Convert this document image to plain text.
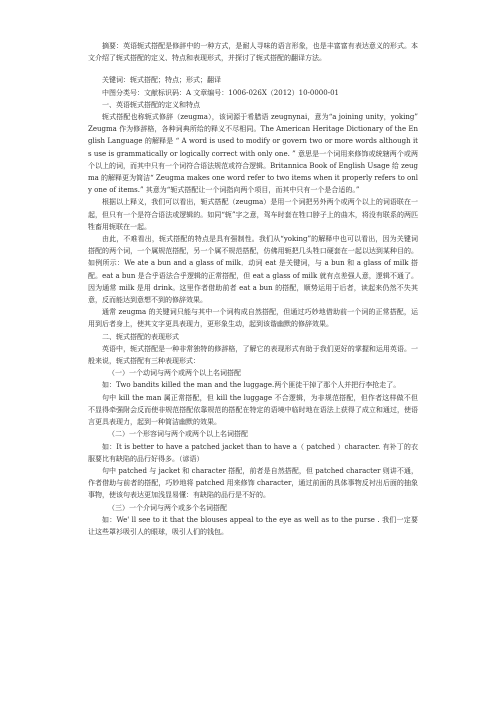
摘要：英语轭式搭配是修辞中的一种方式，是耐人寻味的语言形象，也是丰富富有表达意义的形式。本文介绍了轭式搭配的定义、特点和表现形式，并探讨了轭式搭配的翻译方法。

关键词：轭式搭配；特点；形式；翻译

中图分类号：文献标识码：A 文章编号：1006-026X（2012）10-0000-01

一、英语轭式搭配的定义和特点

轭式搭配也称轭式修辞（zeugma），该词源于希腊语 zeugnynai，意为“a joining unity，yoking” Zeugma 作为修辞格，各种词典所给的释义不尽相同。The American Heritage Dictionary of the English Language 的解释是 “ A word is used to modify or govern two or more words although its use is grammatically or logically correct with only one. ” 意思是一个词用来修饰或统辖两个或两个以上的词，而其中只有一个词符合语法规范或符合逻辑。Britannica Book of English Usage 给 zeugma 的解释更为简洁“ Zeugma makes one word refer to two items when it properly refers to only one of items.” 其意为“轭式搭配让一个词指向两个项目，而其中只有一个是合适的。”

根据以上释义，我们可以看出，轭式搭配（zeugma）是用一个词把另外两个或两个以上的词语联在一起，但只有一个是符合语法或逻辑的。如同“轭”字之意，驾车时套在牲口脖子上的曲木，将没有联系的两匹牲畜用轭联在一起。

由此，不难看出，轭式搭配的特点是具有强制性。我们从“yoking”的解释中也可以看出，因为关键词搭配的两个词，一个属规范搭配，另一个属不规范搭配，仿佛用轭把几头牲口硬套在一起以达到某种目的。如例所示：We ate a bun and a glass of milk．动词 eat 是关键词，与 a bun 和 a glass of milk 搭配。eat a bun 是合乎语法合乎逻辑的正常搭配，但 eat a glass of milk 就有点差强人意，逻辑不通了。因为通常 milk 是用 drink。这里作者借助前者 eat a bun 的搭配，顺势运用于后者，读起来仍然不失其意，反而能达到意想不到的修辞效果。

通常 zeugma 的关键词只能与其中一个词构成自然搭配，但通过巧妙地借助前一个词的正常搭配，运用到后者身上，使其文字更具表现力，更形象生动，起到该谐幽默的修辞效果。

二、轭式搭配的表现形式

英语中，轭式搭配是一种非常独特的修辞格，了解它的表现形式有助于我们更好的掌握和运用英语。一般来说，轭式搭配有三种表现形式：

（一）一个动词与两个或两个以上名词搭配

如：Two bandits killed the man and the luggage.两个匪徒干掉了那个人并把行李抢走了。

句中 kill the man 属正常搭配，但 kill the luggage 不合逻辑，为非规范搭配，但作者这样做不但不显得牵强附会反而使非规范搭配依靠规范的搭配在特定的语境中临时地在语法上获得了成立和通过，使语言更具表现力，起到一种简洁幽默的效果。

（二）一个形容词与两个或两个以上名词搭配

如：It is better to have a patched jacket than to have a（ patched ）character. 有补丁的衣服要比有缺陷的品行好得多。（谚语）

句中 patched 与 jacket 和 character 搭配，前者是自然搭配，但 patched character 则讲不通，作者借助与前者的搭配，巧妙地将 patched 用来修饰 character，通过前面的具体事物反衬出后面的抽象事物，使该句表达更加浅显易懂：有缺陷的品行是不好的。

（三）一个介词与两个或多个名词搭配

如：We' ll see to it that the blouses appeal to the eye as well as to the purse . 我们一定要让这些罩衫吸引人的眼球，吸引人们的钱包。
